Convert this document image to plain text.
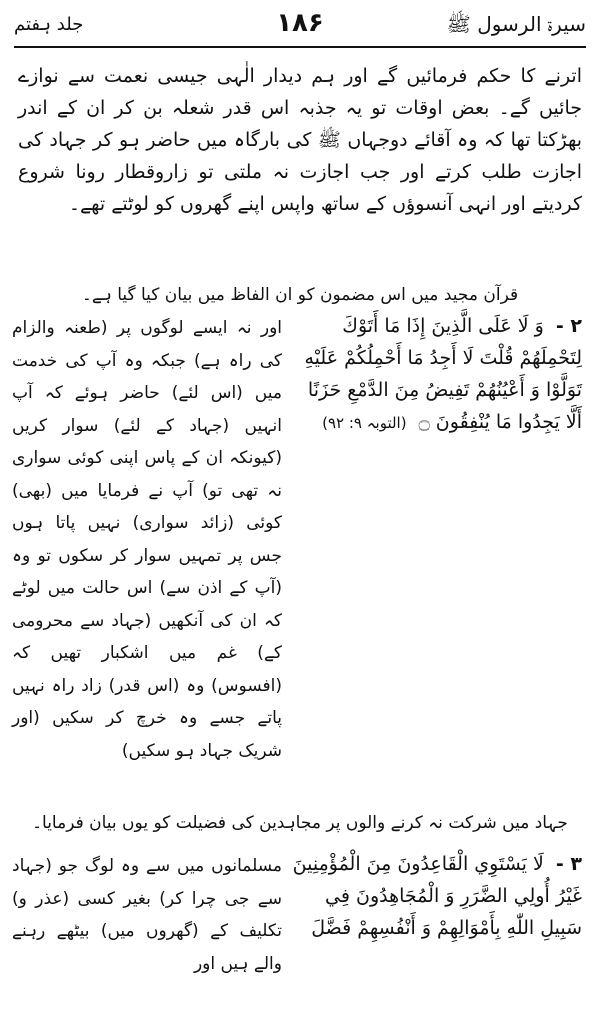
سیرۃ الرسول ﷺ
۱۸۶
جلد ہفتم
اترنے کا حکم فرمائیں گے اور ہم دیدار الٰہی جیسی نعمت سے نوازے جائیں گے۔ بعض اوقات تو یہ جذبہ اس قدر شعلہ بن کر ان کے اندر بھڑکتا تھا کہ وہ آقائے دوجہاں ﷺ کی بارگاہ میں حاضر ہو کر جہاد کی اجازت طلب کرتے اور جب اجازت نہ ملتی تو زاروقطار رونا شروع کردیتے اور انہی آنسوؤں کے ساتھ واپس اپنے گھروں کو لوٹتے تھے۔
قرآن مجید میں اس مضمون کو ان الفاظ میں بیان کیا گیا ہے۔
۲ - وَ لَا عَلَى الَّذِينَ إِذَا مَا أَتَوْكَ لِتَحْمِلَهُمْ قُلْتَ لَا أَجِدُ مَا أَحْمِلُكُمْ عَلَيْهِ تَوَلَّوْا وَ أَعْيُنُهُمْ تَفِيضُ مِنَ الدَّمْعِ حَزَنًا أَلَّا يَجِدُوا مَا يُنْفِقُونَ ۝ (التوبہ ۹: ۹۲)
اور نہ ایسے لوگوں پر (طعنہ والزام کی راہ ہے) جبکہ وہ آپ کی خدمت میں (اس لئے) حاضر ہوئے کہ آپ انہیں (جہاد کے لئے) سوار کریں (کیونکہ ان کے پاس اپنی کوئی سواری نہ تھی تو) آپ نے فرمایا میں (بھی) کوئی (زائد سواری) نہیں پاتا ہوں جس پر تمہیں سوار کر سکوں تو وہ (آپ کے اذن سے) اس حالت میں لوٹے کہ ان کی آنکھیں (جہاد سے محرومی کے) غم میں اشکبار تھیں کہ (افسوس) وہ (اس قدر) زاد راہ نہیں پاتے جسے وہ خرچ کر سکیں (اور شریک جہاد ہو سکیں)
جہاد میں شرکت نہ کرنے والوں پر مجاہدین کی فضیلت کو یوں بیان فرمایا۔
۳ - لَا يَسْتَوِي الْقَاعِدُونَ مِنَ الْمُؤْمِنِينَ غَيْرُ أُولِي الضَّرَرِ وَ الْمُجَاهِدُونَ فِي سَبِيلِ اللّٰهِ بِأَمْوَالِهِمْ وَ أَنْفُسِهِمْ فَضَّلَ
مسلمانوں میں سے وہ لوگ جو (جہاد سے جی چرا کر) بغیر کسی (عذر و) تکلیف کے (گھروں میں) بیٹھے رہنے والے ہیں اور
